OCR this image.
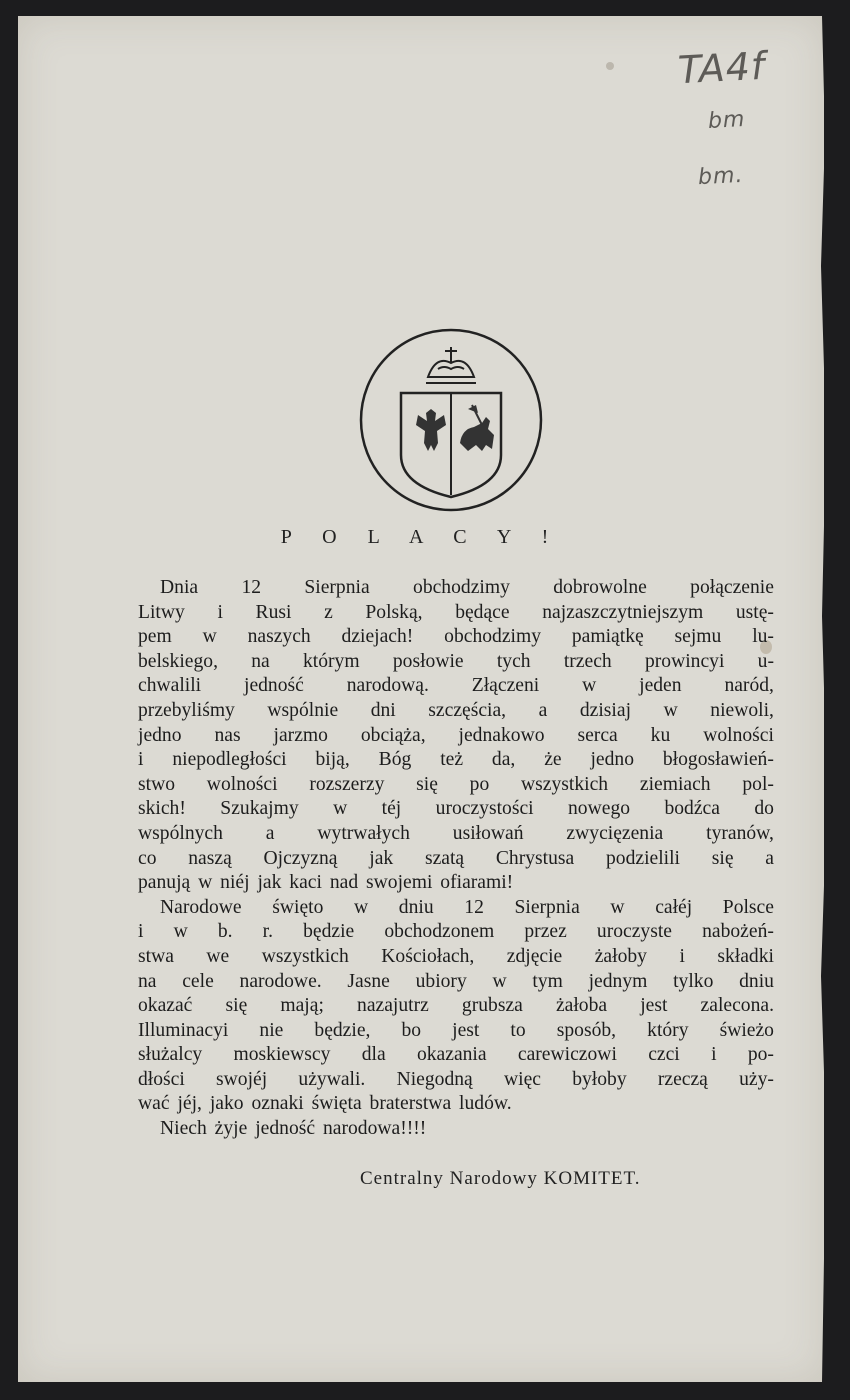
TA4f
bm
bm.
P O L A C Y !
Dnia 12 Sierpnia obchodzimy dobrowolne połączenie
Litwy i Rusi z Polską, będące najzaszczytniejszym ustę-
pem w naszych dziejach! obchodzimy pamiątkę sejmu lu-
belskiego, na którym posłowie tych trzech prowincyi u-
chwalili jedność narodową. Złączeni w jeden naród,
przebyliśmy wspólnie dni szczęścia, a dzisiaj w niewoli,
jedno nas jarzmo obciąża, jednakowo serca ku wolności
i niepodległości biją, Bóg też da, że jedno błogosławień-
stwo wolności rozszerzy się po wszystkich ziemiach pol-
skich! Szukajmy w téj uroczystości nowego bodźca do
wspólnych a wytrwałych usiłowań zwycięzenia tyranów,
co naszą Ojczyzną jak szatą Chrystusa podzielili się a
panują w niéj jak kaci nad swojemi ofiarami!
Narodowe święto w dniu 12 Sierpnia w całéj Polsce
i w b. r. będzie obchodzonem przez uroczyste nabożeń-
stwa we wszystkich Kościołach, zdjęcie żałoby i składki
na cele narodowe. Jasne ubiory w tym jednym tylko dniu
okazać się mają; nazajutrz grubsza żałoba jest zalecona.
Illuminacyi nie będzie, bo jest to sposób, który świeżo
służalcy moskiewscy dla okazania carewiczowi czci i po-
dłości swojéj używali. Niegodną więc byłoby rzeczą uży-
wać jéj, jako oznaki święta braterstwa ludów.
Niech żyje jedność narodowa!!!!
Centralny Narodowy KOMITET.
